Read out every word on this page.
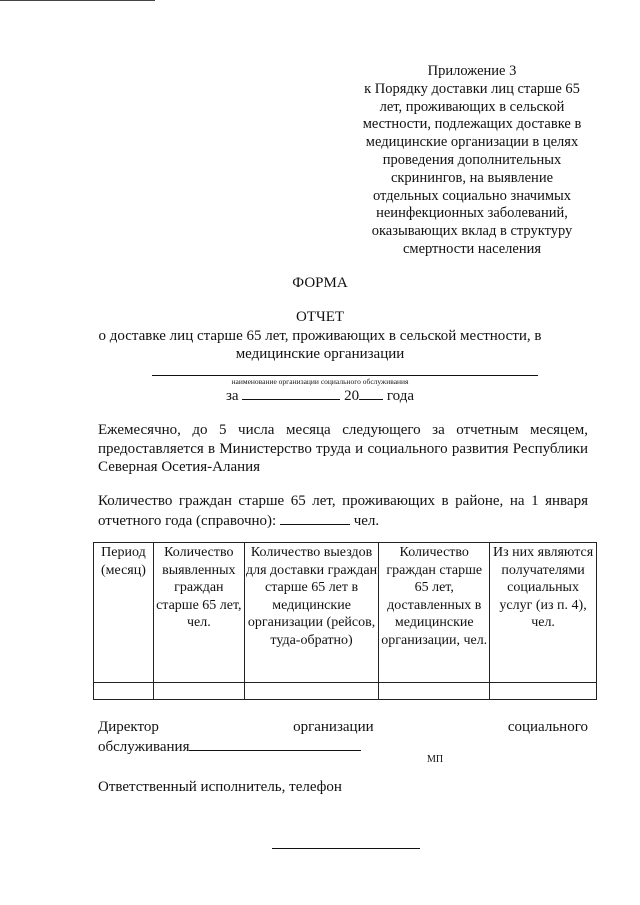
Приложение 3
к Порядку доставки лиц старше 65
лет, проживающих в сельской
местности, подлежащих доставке в
медицинские организации в целях
проведения дополнительных
скринингов, на выявление
отдельных социально значимых
неинфекционных заболеваний,
оказывающих вклад в структуру
смертности населения
ФОРМА
ОТЧЕТ
о доставке лиц старше 65 лет, проживающих в сельской местности, в
медицинские организации
наименование организации социального обслуживания
за	20 года
Ежемесячно, до 5 числа месяца следующего за отчетным месяцем, предоставляется в Министерство труда и социального развития Республики Северная Осетия-Алания
Количество граждан старше 65 лет, проживающих в районе, на 1 января отчетного года (справочно):	чел.
Период (месяц)	Количество выявленных граждан старше 65 лет, чел.	Количество выездов для доставки граждан старше 65 лет в медицинские организации (рейсов, туда-обратно)	Количество граждан старше 65 лет, доставленных в медицинские организации, чел.	Из них являются получателями социальных услуг (из п. 4), чел.

Директор	организации	социального
обслуживания
МП
Ответственный исполнитель, телефон
